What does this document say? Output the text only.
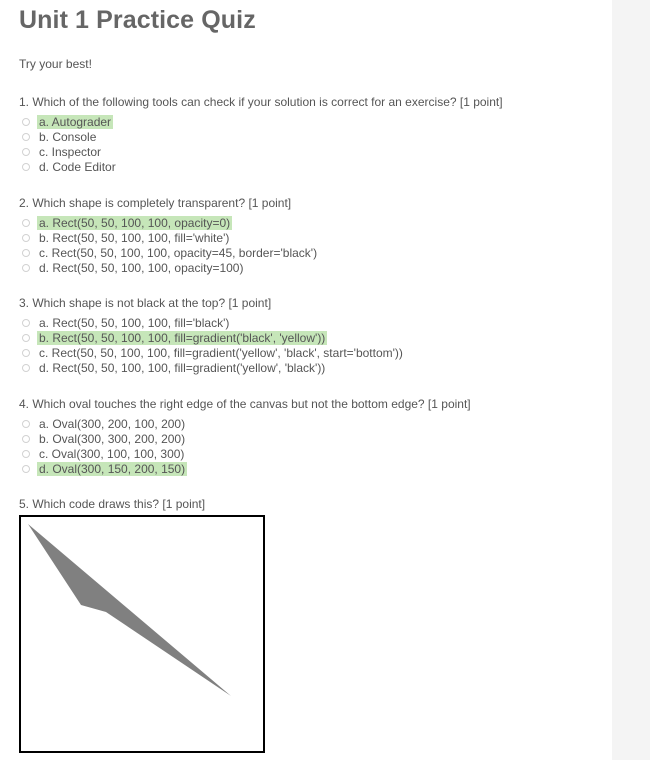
Unit 1 Practice Quiz

Try your best!

1. Which of the following tools can check if your solution is correct for an exercise? [1 point]

a. Autograder
b. Console
c. Inspector
d. Code Editor

2. Which shape is completely transparent? [1 point]

a. Rect(50, 50, 100, 100, opacity=0)
b. Rect(50, 50, 100, 100, fill='white')
c. Rect(50, 50, 100, 100, opacity=45, border='black')
d. Rect(50, 50, 100, 100, opacity=100)

3. Which shape is not black at the top? [1 point]

a. Rect(50, 50, 100, 100, fill='black')
b. Rect(50, 50, 100, 100, fill=gradient('black', 'yellow'))
c. Rect(50, 50, 100, 100, fill=gradient('yellow', 'black', start='bottom'))
d. Rect(50, 50, 100, 100, fill=gradient('yellow', 'black'))

4. Which oval touches the right edge of the canvas but not the bottom edge? [1 point]

a. Oval(300, 200, 100, 200)
b. Oval(300, 300, 200, 200)
c. Oval(300, 100, 100, 300)
d. Oval(300, 150, 200, 150)

5. Which code draws this? [1 point]
